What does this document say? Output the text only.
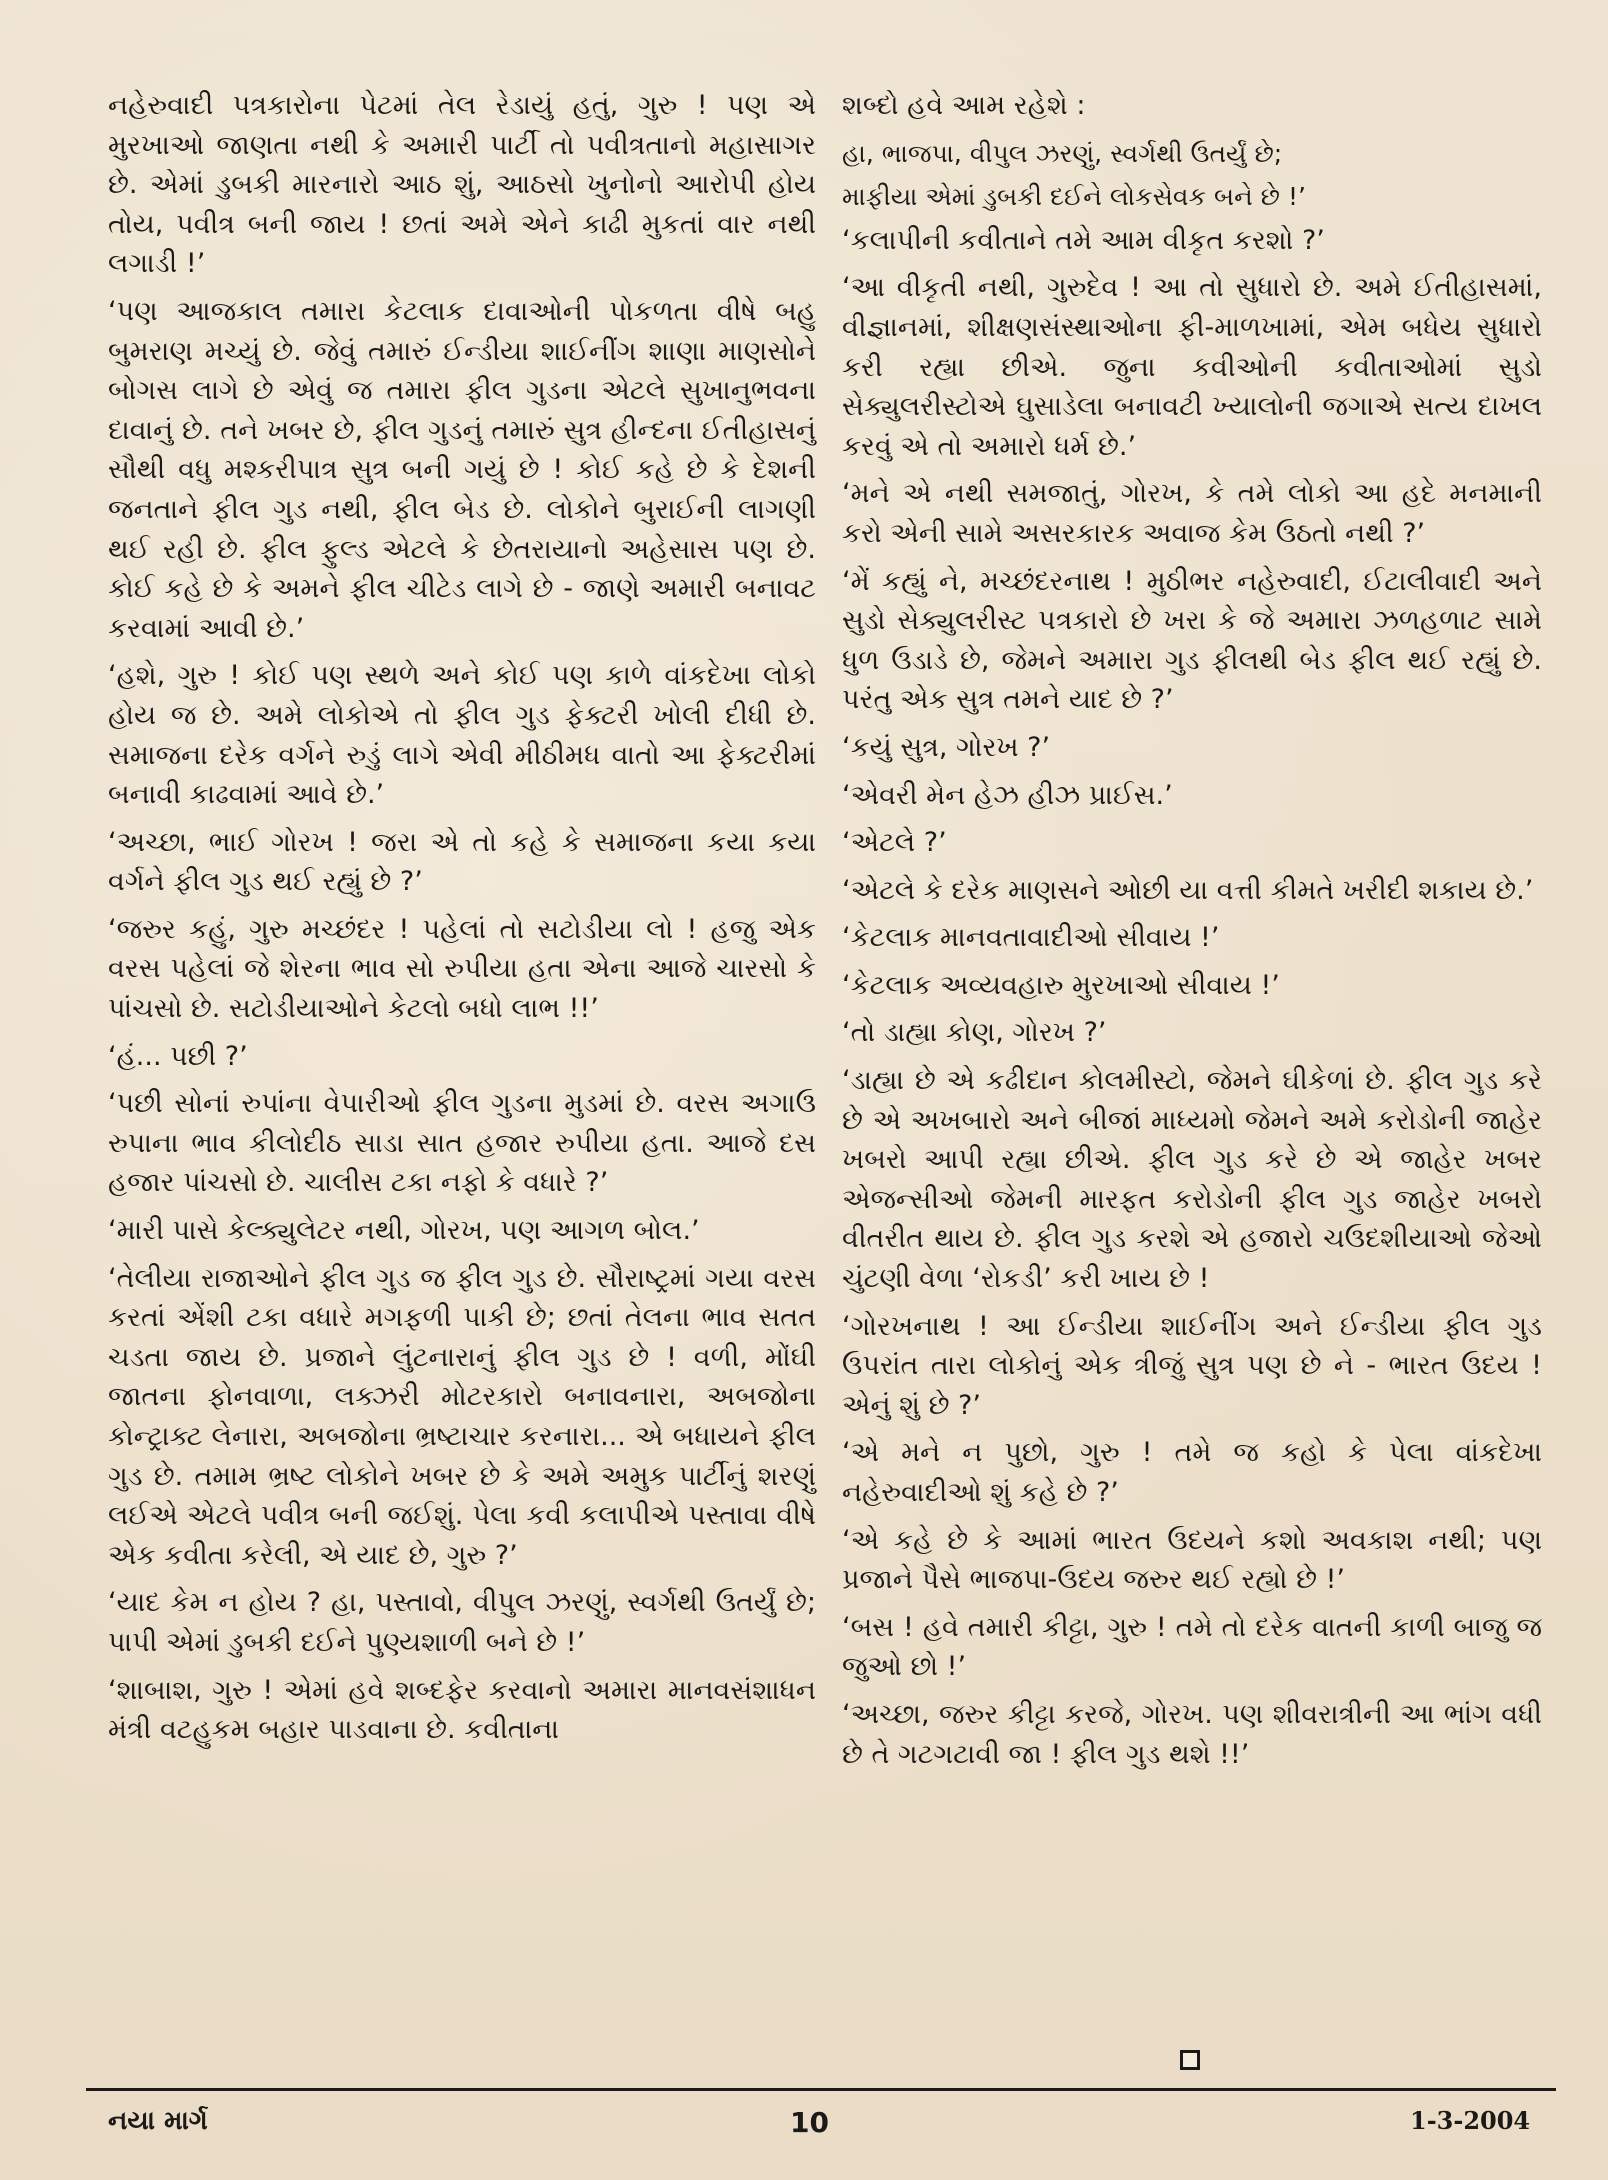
નહેરુવાદી પત્રકારોના પેટમાં તેલ રેડાયું હતું, ગુરુ ! પણ એ મુરખાઓ જાણતા નથી કે અમારી પાર્ટી તો પવીત્રતાનો મહાસાગર છે. એમાં ડુબકી મારનારો આઠ શું, આઠસો ખુનોનો આરોપી હોય તોય, પવીત્ર બની જાય ! છતાં અમે એને કાઢી મુકતાં વાર નથી લગાડી !’

‘પણ આજકાલ તમારા કેટલાક દાવાઓની પોકળતા વીષે બહુ બુમરાણ મચ્યું છે. જેવું તમારું ઈન્ડીયા શાઈનીંગ શાણા માણસોને બોગસ લાગે છે એવું જ તમારા ફીલ ગુડના એટલે સુખાનુભવના દાવાનું છે. તને ખબર છે, ફીલ ગુડનું તમારું સુત્ર હીન્દના ઈતીહાસનું સૌથી વધુ મશ્કરીપાત્ર સુત્ર બની ગયું છે ! કોઈ કહે છે કે દેશની જનતાને ફીલ ગુડ નથી, ફીલ બેડ છે. લોકોને બુરાઈની લાગણી થઈ રહી છે. ફીલ ફુલ્ડ એટલે કે છેતરાયાનો અહેસાસ પણ છે. કોઈ કહે છે કે અમને ફીલ ચીટેડ લાગે છે - જાણે અમારી બનાવટ કરવામાં આવી છે.’

‘હશે, ગુરુ ! કોઈ પણ સ્થળે અને કોઈ પણ કાળે વાંકદેખા લોકો હોય જ છે. અમે લોકોએ તો ફીલ ગુડ ફેક્ટરી ખોલી દીધી છે. સમાજના દરેક વર્ગને રુડું લાગે એવી મીઠીમધ વાતો આ ફેક્ટરીમાં બનાવી કાઢવામાં આવે છે.’

‘અચ્છા, ભાઈ ગોરખ ! જરા એ તો કહે કે સમાજના કયા કયા વર્ગને ફીલ ગુડ થઈ રહ્યું છે ?’

‘જરુર કહું, ગુરુ મચ્છંદર ! પહેલાં તો સટોડીયા લો ! હજુ એક વરસ પહેલાં જે શેરના ભાવ સો રુપીયા હતા એના આજે ચારસો કે પાંચસો છે. સટોડીયાઓને કેટલો બધો લાભ !!’

‘હં... પછી ?’

‘પછી સોનાં રુપાંના વેપારીઓ ફીલ ગુડના મુડમાં છે. વરસ અગાઉ રુપાના ભાવ કીલોદીઠ સાડા સાત હજાર રુપીયા હતા. આજે દસ હજાર પાંચસો છે. ચાલીસ ટકા નફો કે વધારે ?’

‘મારી પાસે કેલ્ક્યુલેટર નથી, ગોરખ, પણ આગળ બોલ.’

‘તેલીયા રાજાઓને ફીલ ગુડ જ ફીલ ગુડ છે. સૌરાષ્ટ્રમાં ગયા વરસ કરતાં એંશી ટકા વધારે મગફળી પાકી છે; છતાં તેલના ભાવ સતત ચડતા જાય છે. પ્રજાને લુંટનારાનું ફીલ ગુડ છે ! વળી, મોંઘી જાતના ફોનવાળા, લક્ઝરી મોટરકારો બનાવનારા, અબજોના કોન્ટ્રાક્ટ લેનારા, અબજોના ભ્રષ્ટાચાર કરનારા... એ બધાયને ફીલ ગુડ છે. તમામ ભ્રષ્ટ લોકોને ખબર છે કે અમે અમુક પાર્ટીનું શરણું લઈએ એટલે પવીત્ર બની જઈશું. પેલા કવી કલાપીએ પસ્તાવા વીષે એક કવીતા કરેલી, એ યાદ છે, ગુરુ ?’

‘યાદ કેમ ન હોય ? હા, પસ્તાવો, વીપુલ ઝરણું, સ્વર્ગથી ઉતર્યું છે; પાપી એમાં ડુબકી દઈને પુણ્યશાળી બને છે !’

‘શાબાશ, ગુરુ ! એમાં હવે શબ્દફેર કરવાનો અમારા માનવસંશાધન મંત્રી વટહુકમ બહાર પાડવાના છે. કવીતાના

શબ્દો હવે આમ રહેશે :

હા, ભાજપા, વીપુલ ઝરણું, સ્વર્ગથી ઉતર્યું છે;

માફીયા એમાં ડુબકી દઈને લોકસેવક બને છે !’

‘કલાપીની કવીતાને તમે આમ વીકૃત કરશો ?’

‘આ વીકૃતી નથી, ગુરુદેવ ! આ તો સુધારો છે. અમે ઈતીહાસમાં, વીજ્ઞાનમાં, શીક્ષણસંસ્થાઓના ફી-માળખામાં, એમ બધેય સુધારો કરી રહ્યા છીએ. જુના કવીઓની કવીતાઓમાં સુડો સેક્યુલરીસ્ટોએ ઘુસાડેલા બનાવટી ખ્યાલોની જગાએ સત્ય દાખલ કરવું એ તો અમારો ધર્મ છે.’

‘મને એ નથી સમજાતું, ગોરખ, કે તમે લોકો આ હદે મનમાની કરો એની સામે અસરકારક અવાજ કેમ ઉઠતો નથી ?’

‘મેં કહ્યું ને, મચ્છંદરનાથ ! મુઠીભર નહેરુવાદી, ઈટાલીવાદી અને સુડો સેક્યુલરીસ્ટ પત્રકારો છે ખરા કે જે અમારા ઝળહળાટ સામે ધુળ ઉડાડે છે, જેમને અમારા ગુડ ફીલથી બેડ ફીલ થઈ રહ્યું છે. પરંતુ એક સુત્ર તમને યાદ છે ?’

‘કયું સુત્ર, ગોરખ ?’

‘એવરી મેન હેઝ હીઝ પ્રાઈસ.’

‘એટલે ?’

‘એટલે કે દરેક માણસને ઓછી યા વત્તી કીમતે ખરીદી શકાય છે.’

‘કેટલાક માનવતાવાદીઓ સીવાય !’

‘કેટલાક અવ્યવહારુ મુરખાઓ સીવાય !’

‘તો ડાહ્યા કોણ, ગોરખ ?’

‘ડાહ્યા છે એ કઢીદાન કોલમીસ્ટો, જેમને ઘીકેળાં છે. ફીલ ગુડ કરે છે એ અખબારો અને બીજાં માધ્યમો જેમને અમે કરોડોની જાહેર ખબરો આપી રહ્યા છીએ. ફીલ ગુડ કરે છે એ જાહેર ખબર એજન્સીઓ જેમની મારફત કરોડોની ફીલ ગુડ જાહેર ખબરો વીતરીત થાય છે. ફીલ ગુડ કરશે એ હજારો ચઉદશીયાઓ જેઓ ચુંટણી વેળા ‘રોકડી’ કરી ખાય છે !

‘ગોરખનાથ ! આ ઈન્ડીયા શાઈનીંગ અને ઈન્ડીયા ફીલ ગુડ ઉપરાંત તારા લોકોનું એક ત્રીજું સુત્ર પણ છે ને - ભારત ઉદય ! એનું શું છે ?’

‘એ મને ન પુછો, ગુરુ ! તમે જ કહો કે પેલા વાંકદેખા નહેરુવાદીઓ શું કહે છે ?’

‘એ કહે છે કે આમાં ભારત ઉદયને કશો અવકાશ નથી; પણ પ્રજાને પૈસે ભાજપા-ઉદય જરુર થઈ રહ્યો છે !’

‘બસ ! હવે તમારી કીટ્ટા, ગુરુ ! તમે તો દરેક વાતની કાળી બાજુ જ જુઓ છો !’

‘અચ્છા, જરુર કીટ્ટા કરજે, ગોરખ. પણ શીવરાત્રીની આ ભાંગ વધી છે તે ગટગટાવી જા ! ફીલ ગુડ થશે !!’

નયા માર્ગ	10	1-3-2004
